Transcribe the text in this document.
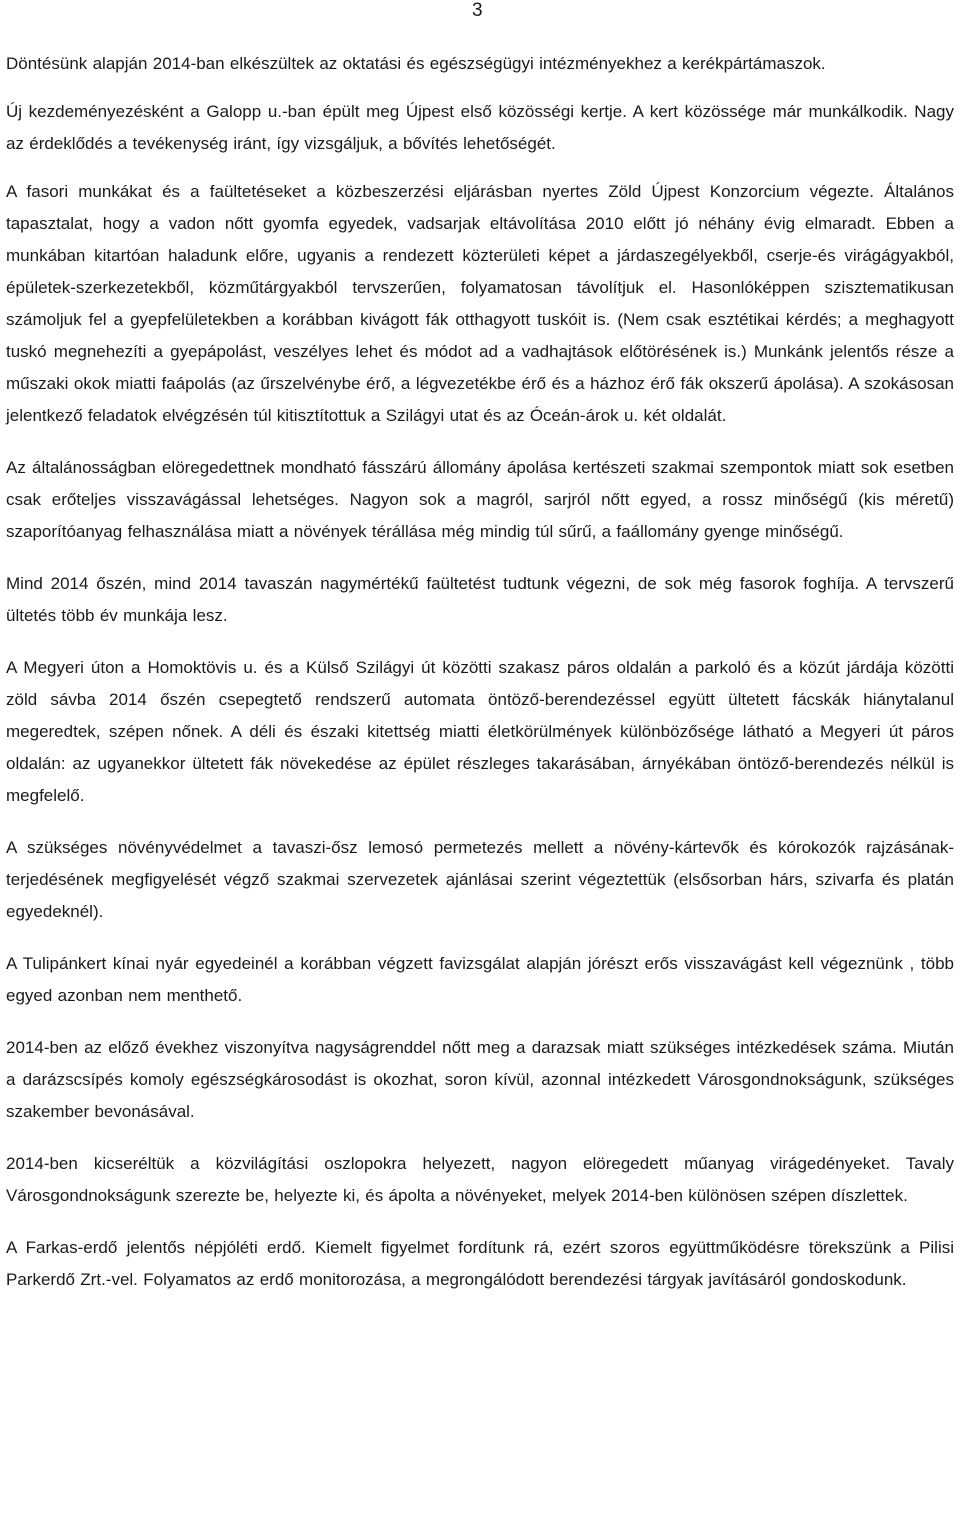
3

Döntésünk alapján 2014-ban elkészültek az oktatási és egészségügyi intézményekhez a kerékpártámaszok.

Új kezdeményezésként a Galopp u.-ban épült meg Újpest első közösségi kertje. A kert közössége már munkálkodik. Nagy az érdeklődés a tevékenység iránt, így vizsgáljuk, a bővítés lehetőségét.

A fasori munkákat és a faültetéseket a közbeszerzési eljárásban nyertes Zöld Újpest Konzorcium végezte. Általános tapasztalat, hogy a vadon nőtt gyomfa egyedek, vadsarjak eltávolítása 2010 előtt jó néhány évig elmaradt. Ebben a munkában kitartóan haladunk előre, ugyanis a rendezett közterületi képet a járdaszegélyekből, cserje-és virágágyakból, épületek-szerkezetekből, közműtárgyakból tervszerűen, folyamatosan távolítjuk el. Hasonlóképpen szisztematikusan számoljuk fel a gyepfelületekben a korábban kivágott fák otthagyott tuskóit is. (Nem csak esztétikai kérdés; a meghagyott tuskó megnehezíti a gyepápolást, veszélyes lehet és módot ad a vadhajtások előtörésének is.) Munkánk jelentős része a műszaki okok miatti faápolás (az űrszelvénybe érő, a légvezetékbe érő és a házhoz érő fák okszerű ápolása). A szokásosan jelentkező feladatok elvégzésén túl kitisztítottuk a Szilágyi utat és az Óceán-árok u. két oldalát.

Az általánosságban elöregedettnek mondható fásszárú állomány ápolása kertészeti szakmai szempontok miatt sok esetben csak erőteljes visszavágással lehetséges. Nagyon sok a magról, sarjról nőtt egyed, a rossz minőségű (kis méretű) szaporítóanyag felhasználása miatt a növények térállása még mindig túl sűrű, a faállomány gyenge minőségű.

Mind 2014 őszén, mind 2014 tavaszán nagymértékű faültetést tudtunk végezni, de sok még fasorok foghíja. A tervszerű ültetés több év munkája lesz.

A Megyeri úton a Homoktövis u. és a Külső Szilágyi út közötti szakasz páros oldalán a parkoló és a közút járdája közötti zöld sávba 2014 őszén csepegtető rendszerű automata öntöző-berendezéssel együtt ültetett fácskák hiánytalanul megeredtek, szépen nőnek. A déli és északi kitettség miatti életkörülmények különbözősége látható a Megyeri út páros oldalán: az ugyanekkor ültetett fák növekedése az épület részleges takarásában, árnyékában öntöző-berendezés nélkül is megfelelő.

A szükséges növényvédelmet a tavaszi-ősz lemosó permetezés mellett a növény-kártevők és kórokozók rajzásának-terjedésének megfigyelését végző szakmai szervezetek ajánlásai szerint végeztettük (elsősorban hárs, szivarfa és platán egyedeknél).

A Tulipánkert kínai nyár egyedeinél a korábban végzett favizsgálat alapján jórészt erős visszavágást kell végeznünk , több egyed azonban nem menthető.

2014-ben az előző évekhez viszonyítva nagyságrenddel nőtt meg a darazsak miatt szükséges intézkedések száma. Miután a darázscsípés komoly egészségkárosodást is okozhat, soron kívül, azonnal intézkedett Városgondnokságunk, szükséges szakember bevonásával.

2014-ben kicseréltük a közvilágítási oszlopokra helyezett, nagyon elöregedett műanyag virágedényeket. Tavaly Városgondnokságunk szerezte be, helyezte ki, és ápolta a növényeket, melyek 2014-ben különösen szépen díszlettek.

A Farkas-erdő jelentős népjóléti erdő. Kiemelt figyelmet fordítunk rá, ezért szoros együttműködésre törekszünk a Pilisi Parkerdő Zrt.-vel. Folyamatos az erdő monitorozása, a megrongálódott berendezési tárgyak javításáról gondoskodunk.
